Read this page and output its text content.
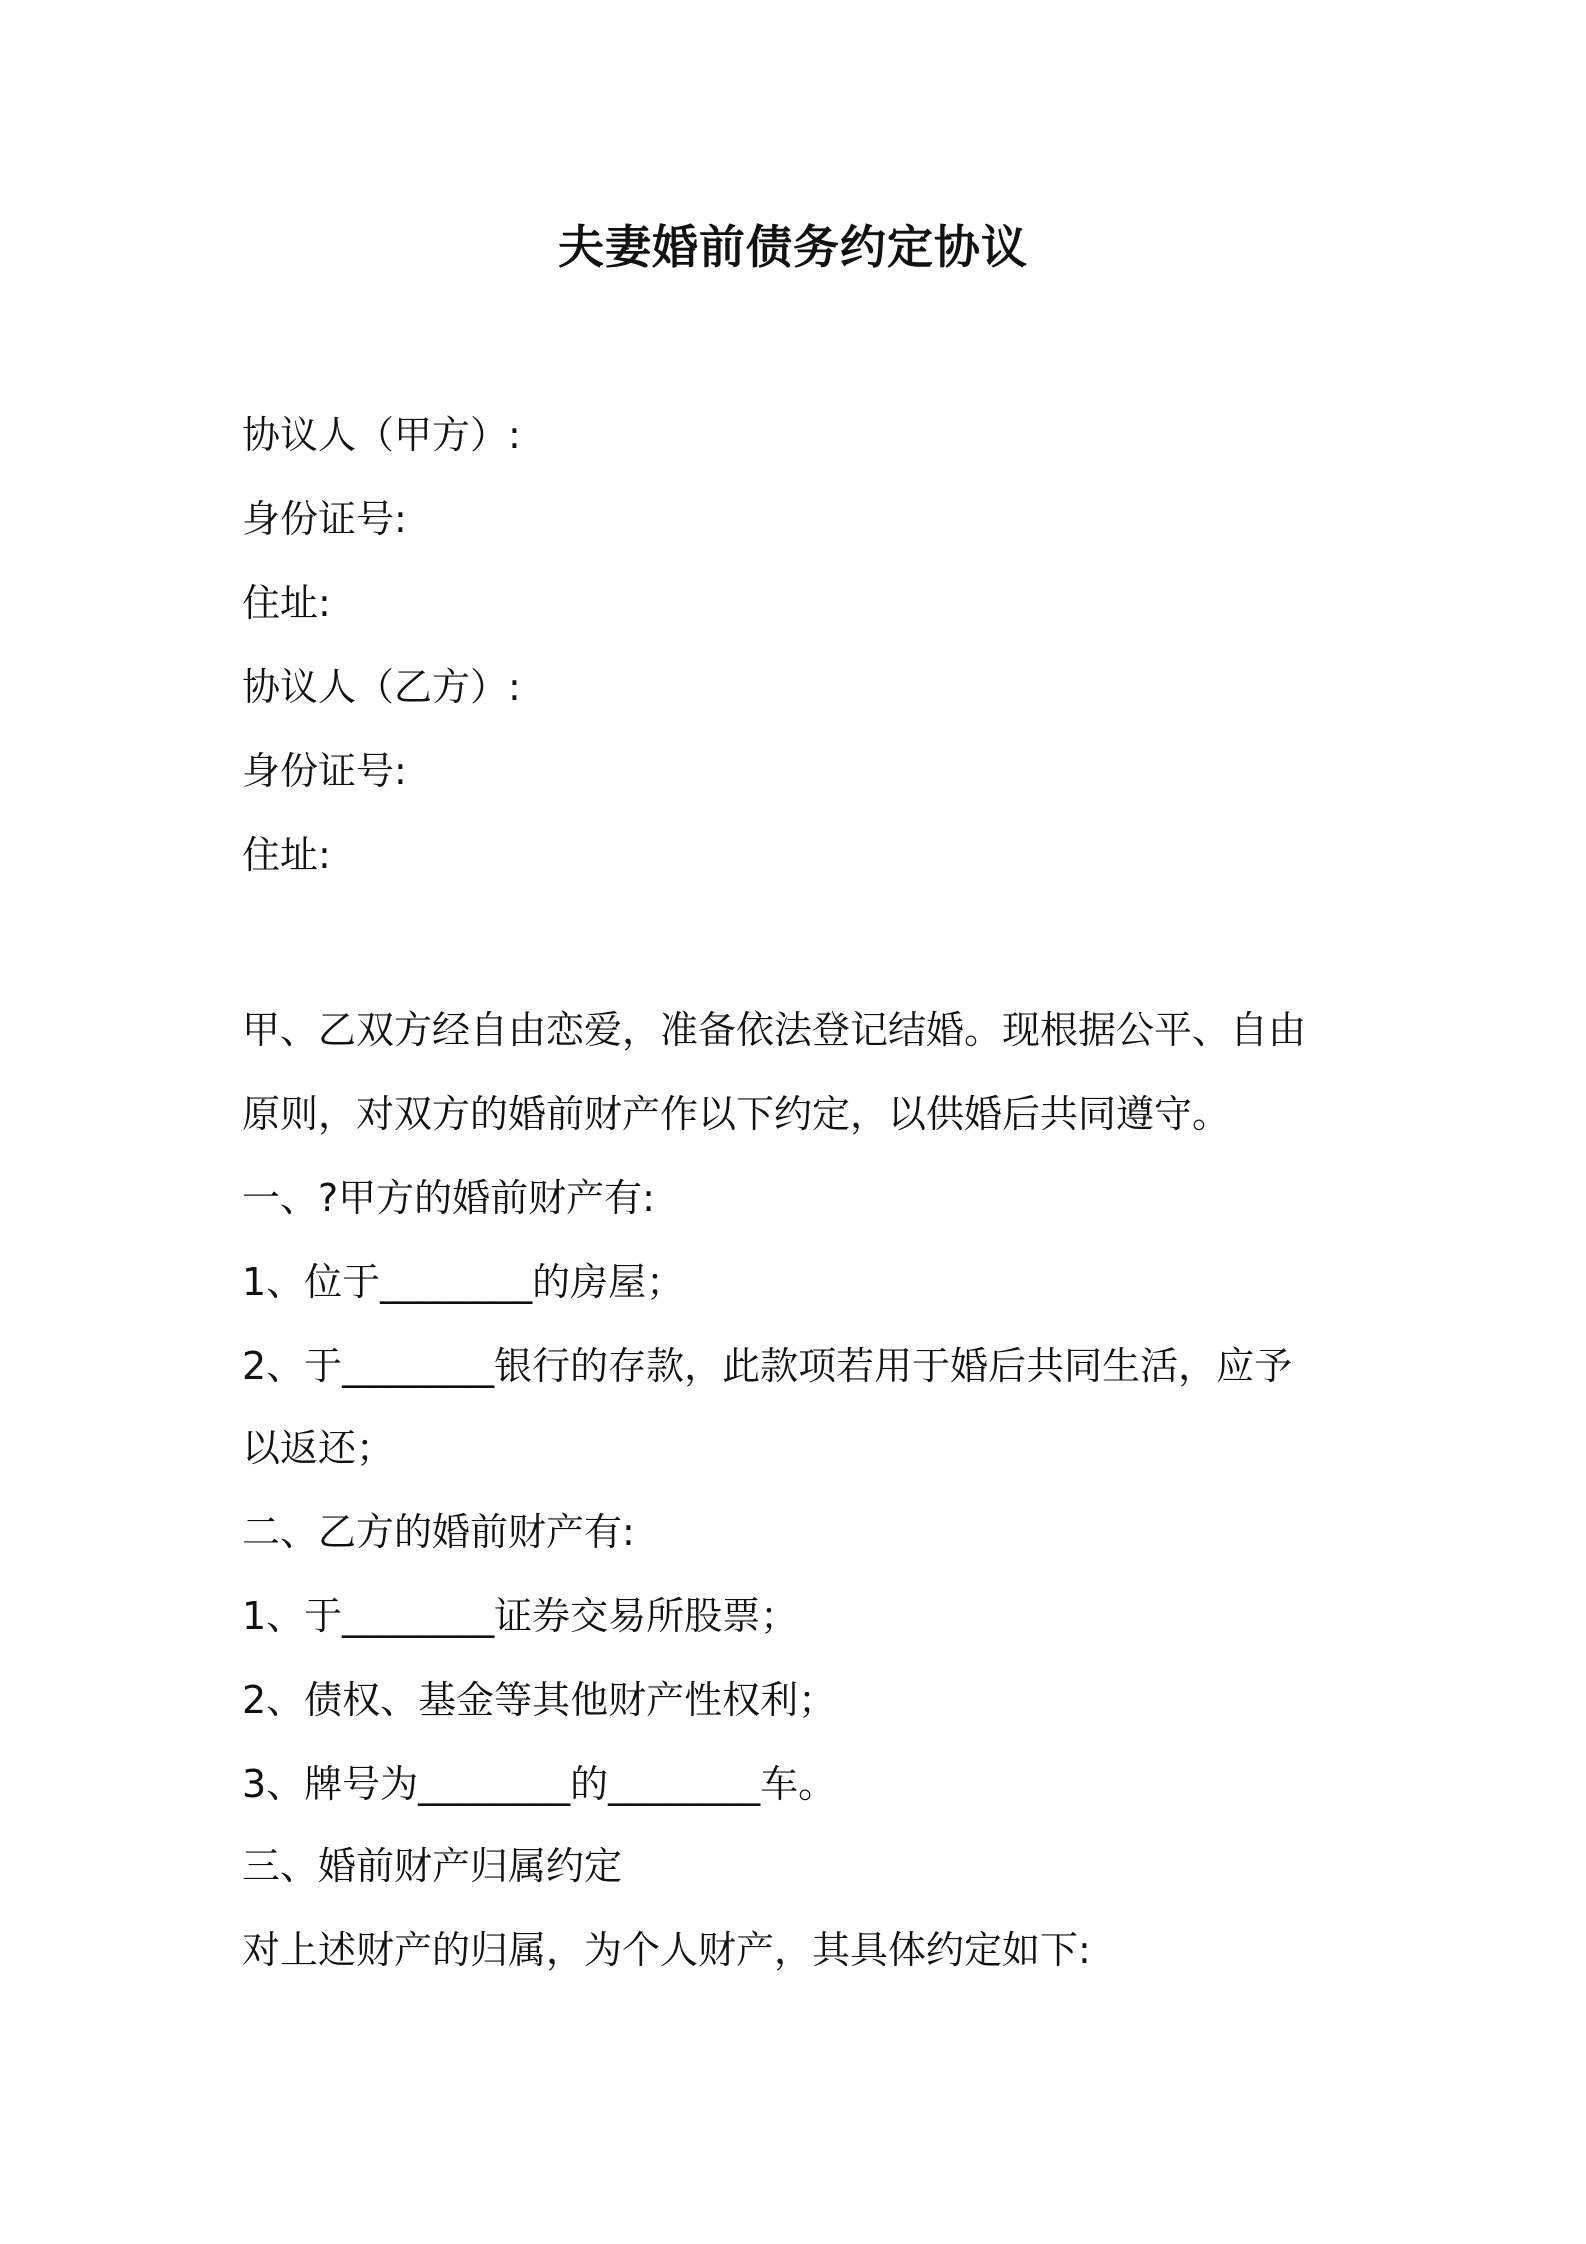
夫妻婚前债务约定协议

协议人（甲方）:

身份证号:

住址:

协议人（乙方）:

身份证号:

住址:

甲、乙双方经自由恋爱，准备依法登记结婚。现根据公平、自由

原则，对双方的婚前财产作以下约定，以供婚后共同遵守。

一、?甲方的婚前财产有:

1、位于________的房屋；

2、于________银行的存款，此款项若用于婚后共同生活，应予

以返还；

二、乙方的婚前财产有:

1、于________证券交易所股票；

2、债权、基金等其他财产性权利；

3、牌号为________的________车。

三、婚前财产归属约定

对上述财产的归属，为个人财产，其具体约定如下:
